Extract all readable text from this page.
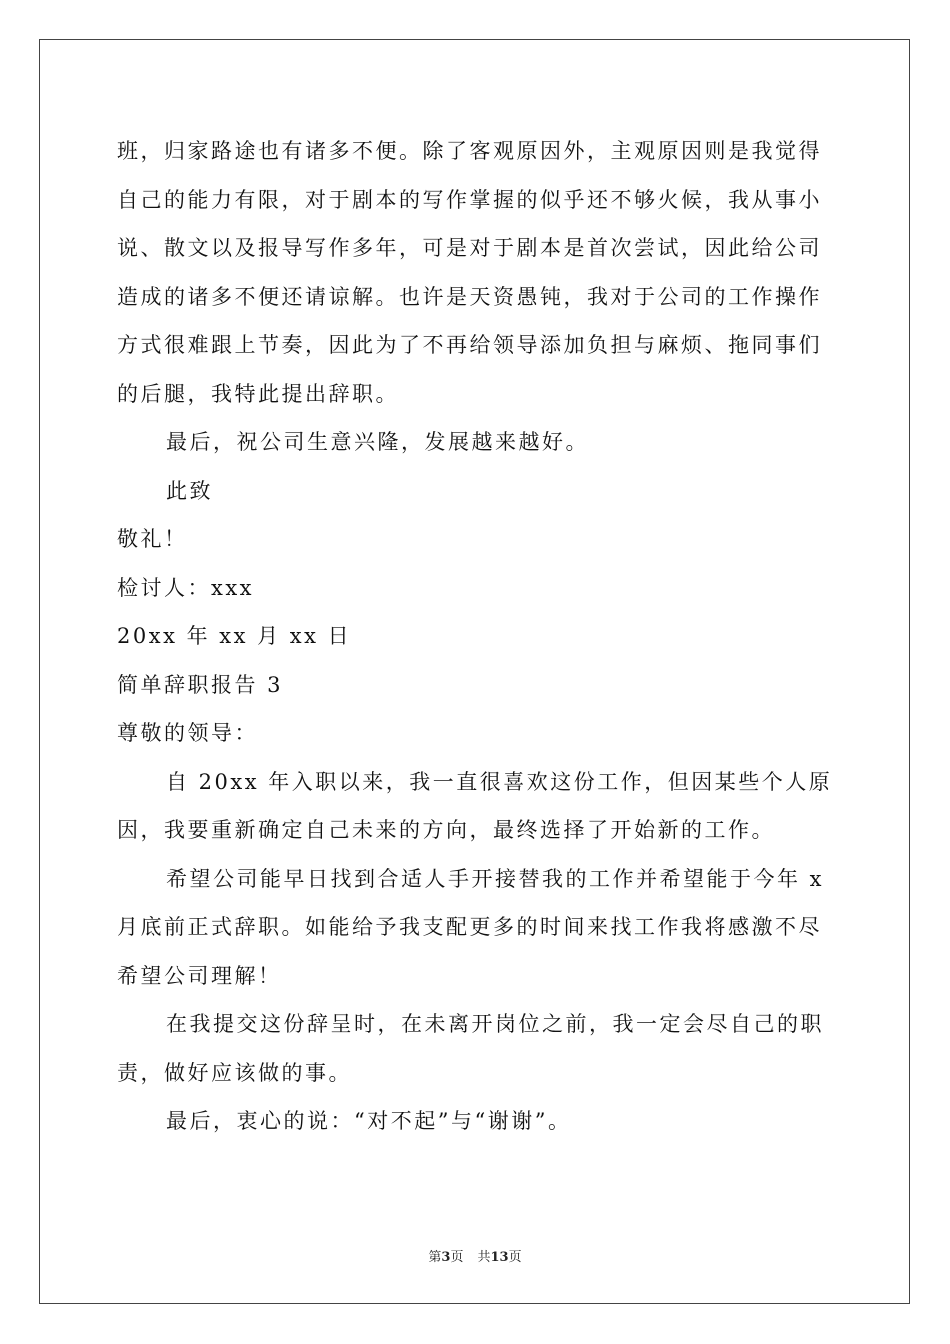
班，归家路途也有诸多不便。除了客观原因外，主观原因则是我觉得
自己的能力有限，对于剧本的写作掌握的似乎还不够火候，我从事小
说、散文以及报导写作多年，可是对于剧本是首次尝试，因此给公司
造成的诸多不便还请谅解。也许是天资愚钝，我对于公司的工作操作
方式很难跟上节奏，因此为了不再给领导添加负担与麻烦、拖同事们
的后腿，我特此提出辞职。
最后，祝公司生意兴隆，发展越来越好。
此致
敬礼！
检讨人：xxx
20xx 年 xx 月 xx 日
简单辞职报告 3
尊敬的领导：
自 20xx 年入职以来，我一直很喜欢这份工作，但因某些个人原
因，我要重新确定自己未来的方向，最终选择了开始新的工作。
希望公司能早日找到合适人手开接替我的工作并希望能于今年 x
月底前正式辞职。如能给予我支配更多的时间来找工作我将感激不尽
希望公司理解！
在我提交这份辞呈时，在未离开岗位之前，我一定会尽自己的职
责，做好应该做的事。
最后，衷心的说：“对不起”与“谢谢”。
第3页 共13页
